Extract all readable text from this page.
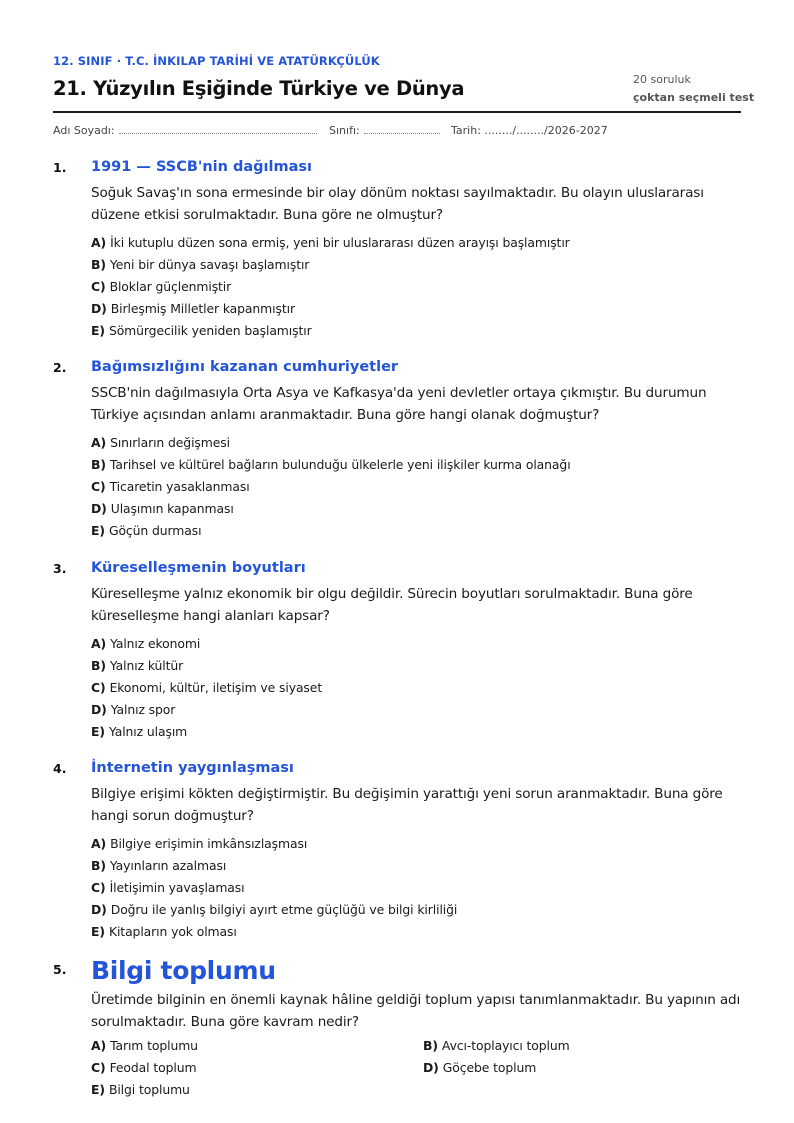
12. SINIF · T.C. İNKILAP TARİHİ VE ATATÜRKÇÜLÜK
21. Yüzyılın Eşiğinde Türkiye ve Dünya	20 soruluk
çoktan seçmeli test
Adı Soyadı:	Sınıfı:	Tarih: ......../......../2026-2027
1. 1991 — SSCB'nin dağılması
Soğuk Savaş'ın sona ermesinde bir olay dönüm noktası sayılmaktadır. Bu olayın uluslararası düzene etkisi sorulmaktadır. Buna göre ne olmuştur?
A) İki kutuplu düzen sona ermiş, yeni bir uluslararası düzen arayışı başlamıştır
B) Yeni bir dünya savaşı başlamıştır
C) Bloklar güçlenmiştir
D) Birleşmiş Milletler kapanmıştır
E) Sömürgecilik yeniden başlamıştır
2. Bağımsızlığını kazanan cumhuriyetler
SSCB'nin dağılmasıyla Orta Asya ve Kafkasya'da yeni devletler ortaya çıkmıştır. Bu durumun Türkiye açısından anlamı aranmaktadır. Buna göre hangi olanak doğmuştur?
A) Sınırların değişmesi
B) Tarihsel ve kültürel bağların bulunduğu ülkelerle yeni ilişkiler kurma olanağı
C) Ticaretin yasaklanması
D) Ulaşımın kapanması
E) Göçün durması
3. Küreselleşmenin boyutları
Küreselleşme yalnız ekonomik bir olgu değildir. Sürecin boyutları sorulmaktadır. Buna göre küreselleşme hangi alanları kapsar?
A) Yalnız ekonomi
B) Yalnız kültür
C) Ekonomi, kültür, iletişim ve siyaset
D) Yalnız spor
E) Yalnız ulaşım
4. İnternetin yaygınlaşması
Bilgiye erişimi kökten değiştirmiştir. Bu değişimin yarattığı yeni sorun aranmaktadır. Buna göre hangi sorun doğmuştur?
A) Bilgiye erişimin imkânsızlaşması
B) Yayınların azalması
C) İletişimin yavaşlaması
D) Doğru ile yanlış bilgiyi ayırt etme güçlüğü ve bilgi kirliliği
E) Kitapların yok olması
5. Bilgi toplumu
Üretimde bilginin en önemli kaynak hâline geldiği toplum yapısı tanımlanmaktadır. Bu yapının adı sorulmaktadır. Buna göre kavram nedir?
A) Tarım toplumu	B) Avcı-toplayıcı toplum
C) Feodal toplum	D) Göçebe toplum
E) Bilgi toplumu
